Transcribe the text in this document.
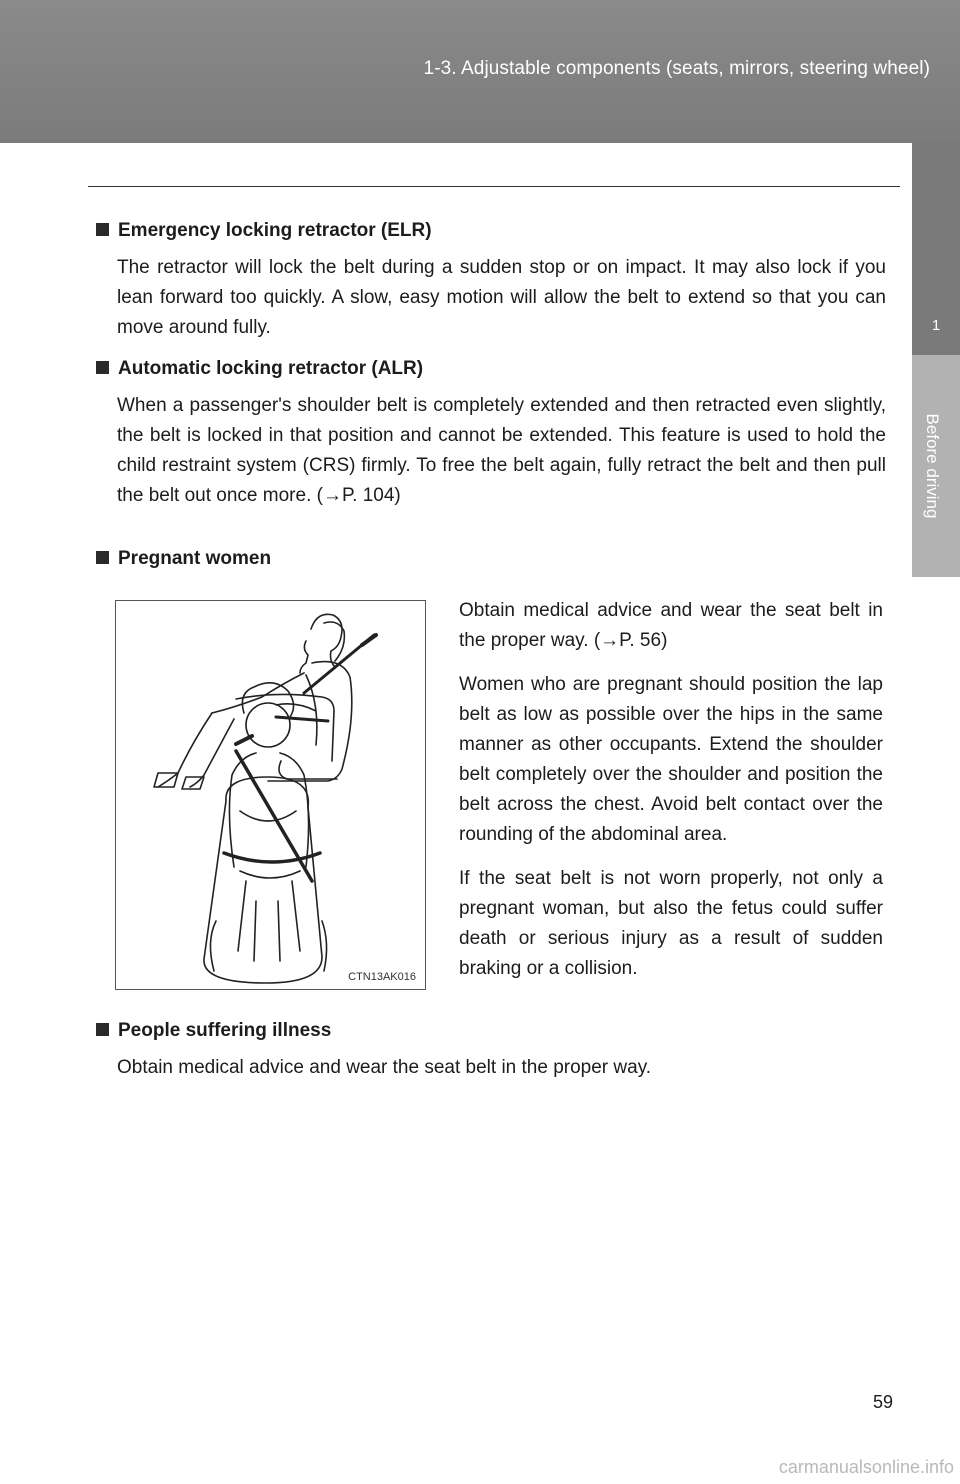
1-3. Adjustable components (seats, mirrors, steering wheel)
1
Before driving
Emergency locking retractor (ELR)
The retractor will lock the belt during a sudden stop or on impact. It may also lock if you lean forward too quickly. A slow, easy motion will allow the belt to extend so that you can move around fully.
Automatic locking retractor (ALR)
When a passenger's shoulder belt is completely extended and then retracted even slightly, the belt is locked in that position and cannot be extended. This feature is used to hold the child restraint system (CRS) firmly. To free the belt again, fully retract the belt and then pull the belt out once more. (→P. 104)
Pregnant women
CTN13AK016

Obtain medical advice and wear the seat belt in the proper way. (→P. 56)

Women who are pregnant should position the lap belt as low as possible over the hips in the same manner as other occupants. Extend the shoulder belt completely over the shoulder and position the belt across the chest. Avoid belt contact over the rounding of the abdominal area.

If the seat belt is not worn properly, not only a pregnant woman, but also the fetus could suffer death or serious injury as a result of sudden braking or a collision.

People suffering illness
Obtain medical advice and wear the seat belt in the proper way.
59
carmanualsonline.info
